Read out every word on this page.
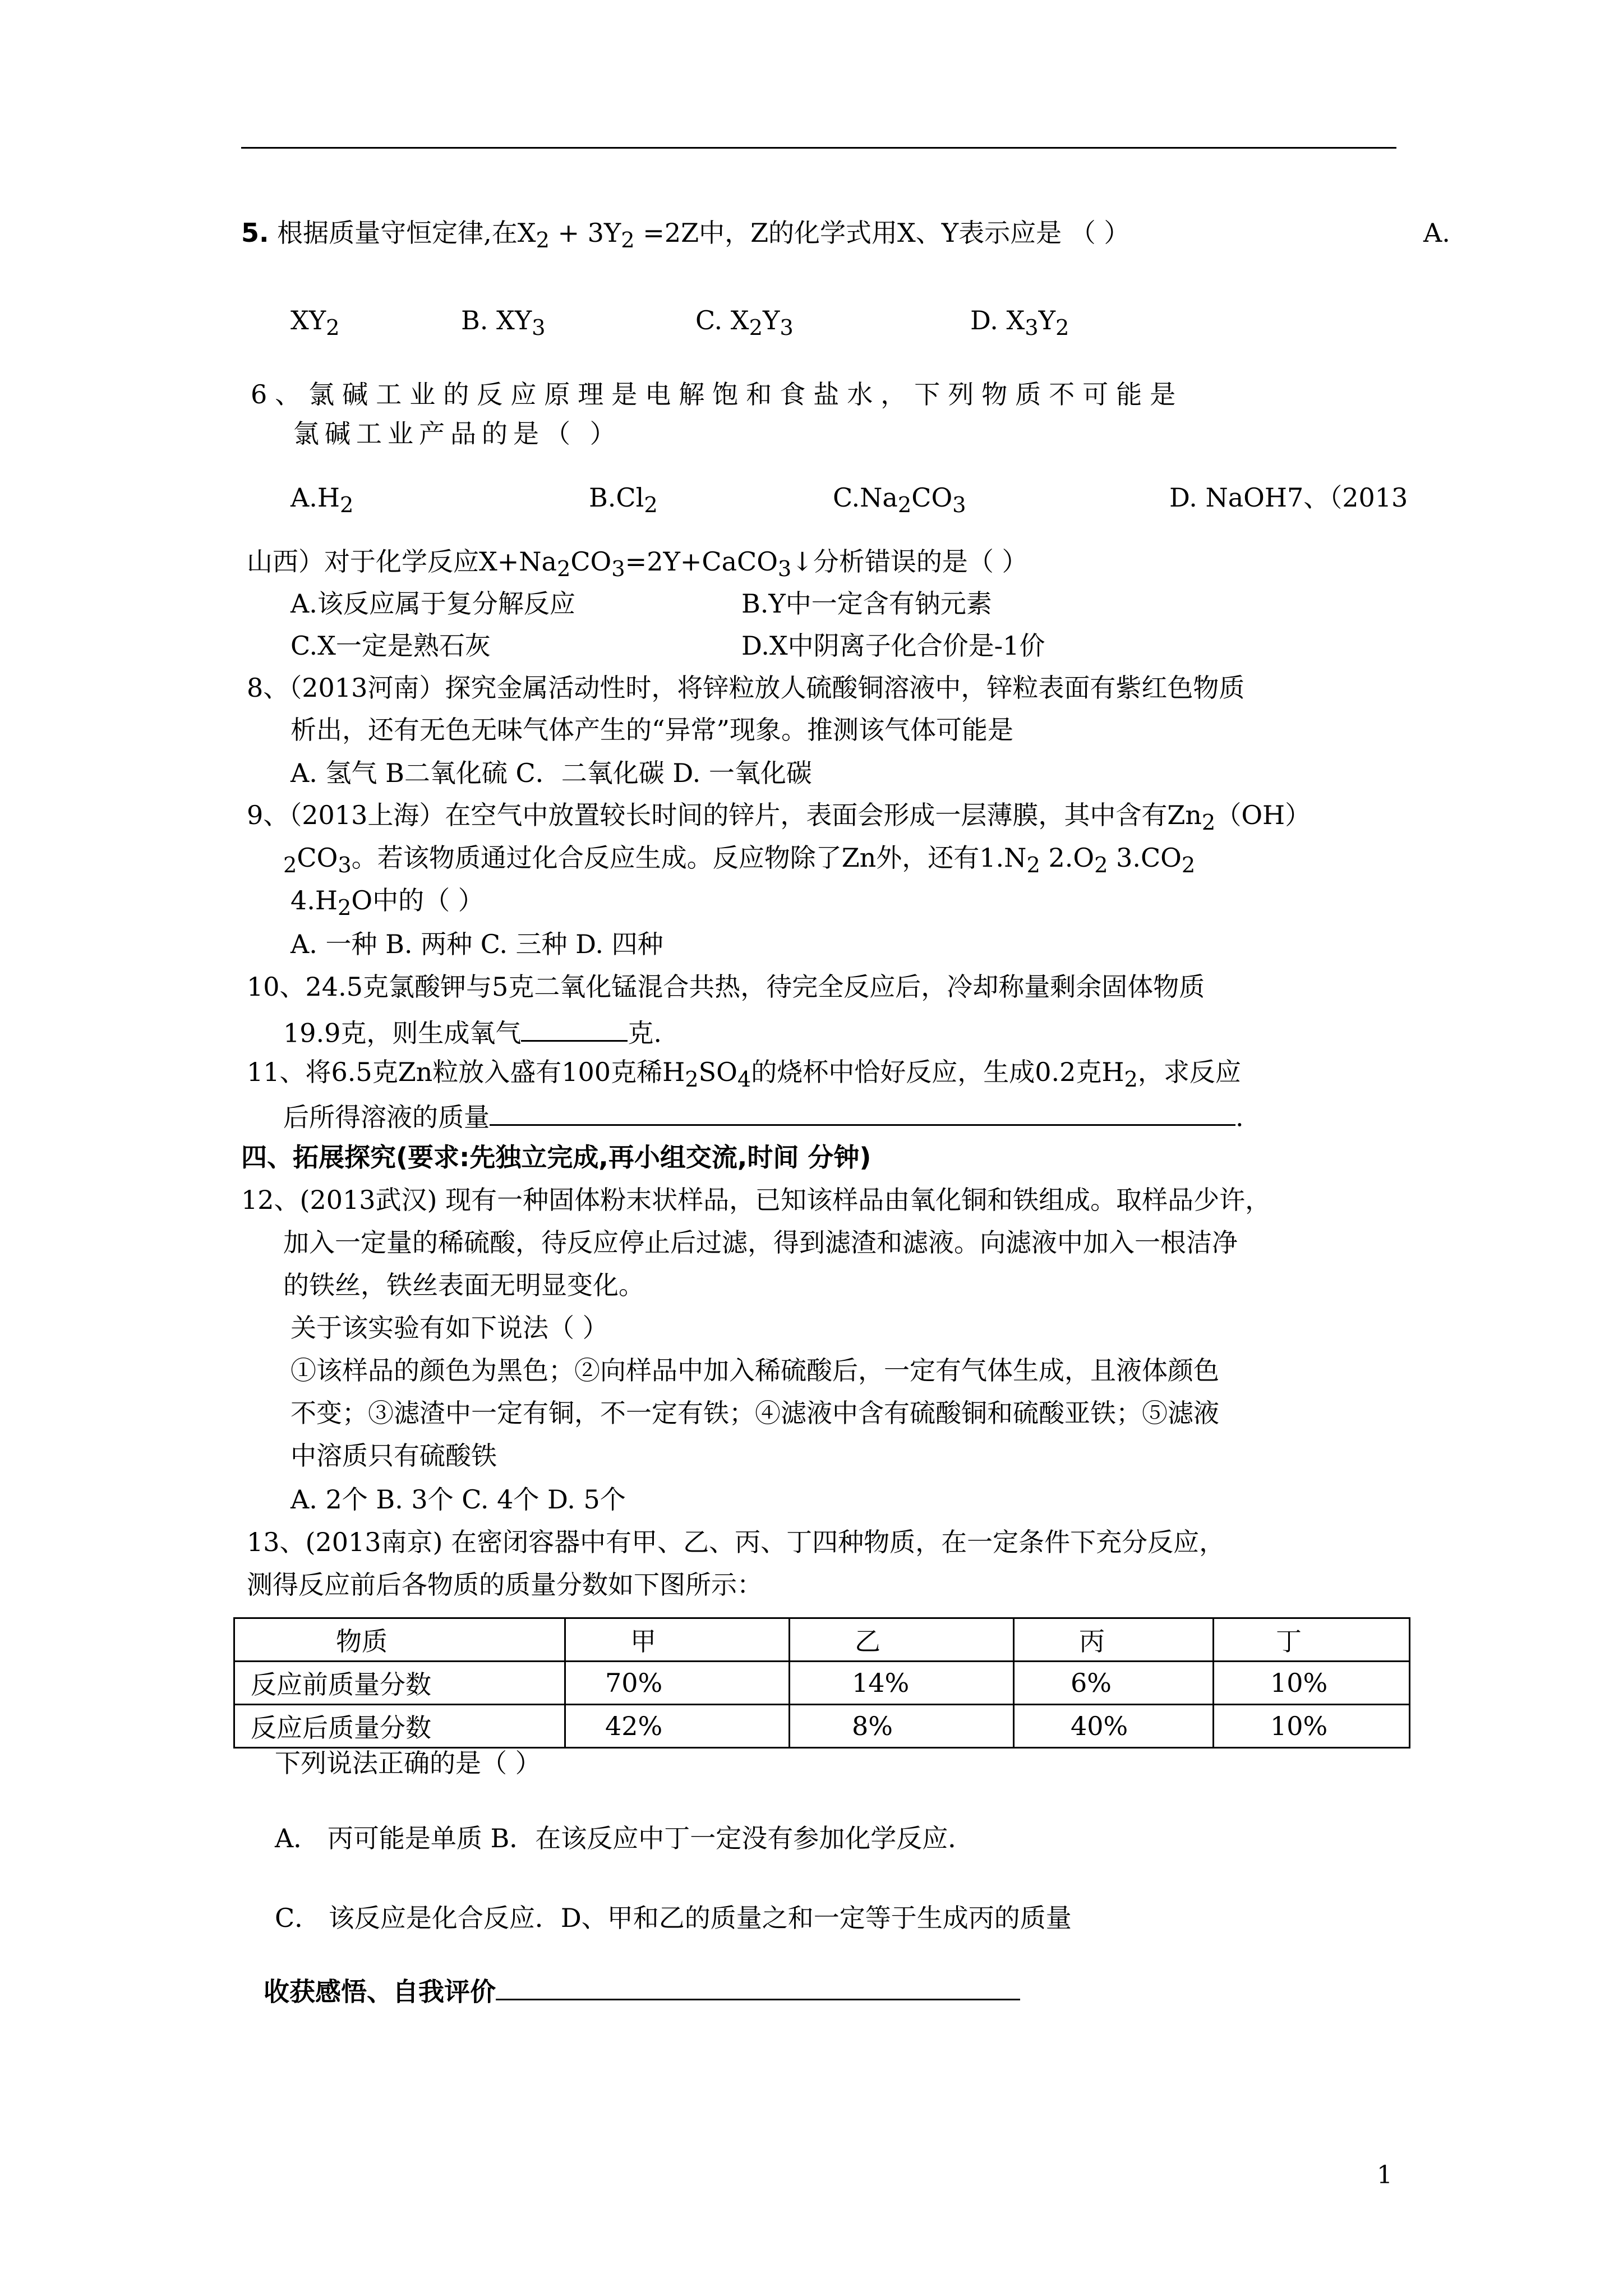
5. 根据质量守恒定律,在$X_2 + 3Y_2 =2Z$中，Z的化学式用X、Y表示应是 （ ）	A.
$XY_2$	B. $XY_3$	C. $X_2Y_3$	D. $X_3Y_2$
6、氯碱工业的反应原理是电解饱和食盐水，下列物质不可能是
氯碱工业产品的是（ ）
$A.H_2$	$B.Cl_2$	$C.Na_2CO_3$	D. NaOH7、（2013
山西）对于化学反应$X+Na_2CO_3=2Y+CaCO_3↓$分析错误的是（ ）
A.该反应属于复分解反应	B.Y中一定含有钠元素
C.X一定是熟石灰	D.X中阴离子化合价是-1价
8、（2013河南）探究金属活动性时，将锌粒放人硫酸铜溶液中，锌粒表面有紫红色物质
析出，还有无色无味气体产生的“异常”现象。推测该气体可能是
A. 氢气 B二氧化硫 C．二氧化碳 D. 一氧化碳
9、（2013上海）在空气中放置较长时间的锌片，表面会形成一层薄膜，其中含有$Zn_2(OH)$
$_2CO_3$。若该物质通过化合反应生成。反应物除了Zn外，还有$1.N_2$ $2.O_2$ $3.CO_2$
$4.H_2O$中的（ ）
A. 一种 B. 两种 C. 三种 D. 四种
10、24.5克氯酸钾与5克二氧化锰混合共热，待完全反应后，冷却称量剩余固体物质
19.9克，则生成氧气	克.
11、将6.5克Zn粒放入盛有100克稀$H_2SO_4$的烧杯中恰好反应，生成0.2克$H_2$，求反应
后所得溶液的质量	.
四、拓展探究(要求:先独立完成,再小组交流,时间 分钟)
12、(2013武汉) 现有一种固体粉末状样品，已知该样品由氧化铜和铁组成。取样品少许，
加入一定量的稀硫酸，待反应停止后过滤，得到滤渣和滤液。向滤液中加入一根洁净
的铁丝，铁丝表面无明显变化。
关于该实验有如下说法（ ）
①该样品的颜色为黑色；②向样品中加入稀硫酸后，一定有气体生成，且液体颜色
不变；③滤渣中一定有铜，不一定有铁；④滤液中含有硫酸铜和硫酸亚铁；⑤滤液
中溶质只有硫酸铁
A. 2个 B. 3个 C. 4个 D. 5个
13、(2013南京) 在密闭容器中有甲、乙、丙、丁四种物质，在一定条件下充分反应，
测得反应前后各物质的质量分数如下图所示：
物质	甲	乙	丙	丁
反应前质量分数	70%	14%	6%	10%
反应后质量分数	42%	8%	40%	10%
下列说法正确的是（ ）
A． 丙可能是单质 B．在该反应中丁一定没有参加化学反应．
C． 该反应是化合反应．D、甲和乙的质量之和一定等于生成丙的质量
收获感悟、自我评价
1
